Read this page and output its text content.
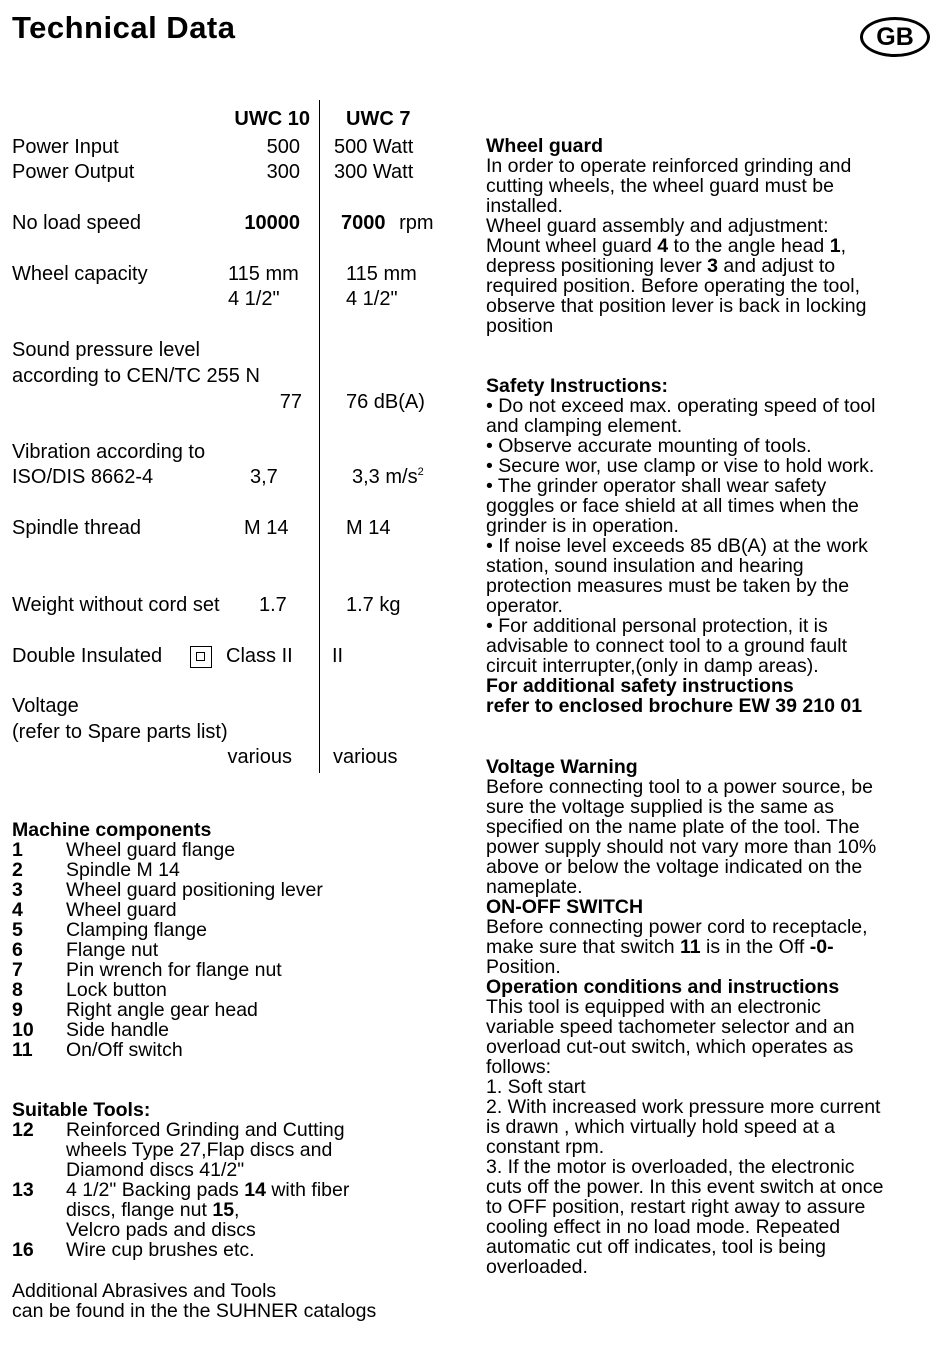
Technical Data	GB
UWC 10 UWC 7
Power Input	500 500 Watt
Power Output	300 300 Watt
No load speed	10000 7000 rpm
Wheel capacity	115 mm 115 mm
4 1/2"	4 1/2"
Sound pressure level
according to CEN/TC 255 N
77 76 dB(A)
Vibration according to
ISO/DIS 8662-4	3,7	3,3 $m/s^2$
Spindle thread	M 14	M 14
Weight without cord set 1.7	1.7 kg
Double Insulated	Class II II
Voltage
(refer to Spare parts list)
various various

Machine components

1	Wheel guard flange
2	Spindle M 14
3	Wheel guard positioning lever
4	Wheel guard
5	Clamping flange
6	Flange nut
7	Pin wrench for flange nut
8	Lock button
9	Right angle gear head
10	Side handle
11	On/Off switch

Suitable Tools:

12	Reinforced Grinding and Cutting

wheels Type 27,Flap discs and

Diamond discs 41/2"

13	4 1/2" Backing pads 14 with fiber

discs, flange nut 15,

Velcro pads and discs

16	Wire cup brushes etc.

Additional Abrasives and Tools

can be found in the the SUHNER catalogs

Wheel guard

In order to operate reinforced grinding and

cutting wheels, the wheel guard must be

installed.

Wheel guard assembly and adjustment:

Mount wheel guard 4 to the angle head 1,

depress positioning lever 3 and adjust to

required position. Before operating the tool,

observe that position lever is back in locking

position

Safety Instructions:

• Do not exceed max. operating speed of tool

and clamping element.

• Observe accurate mounting of tools.

• Secure wor, use clamp or vise to hold work.

• The grinder operator shall wear safety

goggles or face shield at all times when the

grinder is in operation.

• If noise level exceeds 85 dB(A) at the work

station, sound insulation and hearing

protection measures must be taken by the

operator.

• For additional personal protection, it is

advisable to connect tool to a ground fault

circuit interrupter,(only in damp areas).

For additional safety instructions

refer to enclosed brochure EW 39 210 01

Voltage Warning

Before connecting tool to a power source, be

sure the voltage supplied is the same as

specified on the name plate of the tool. The

power supply should not vary more than 10%

above or below the voltage indicated on the

nameplate.

ON-OFF SWITCH

Before connecting power cord to receptacle,

make sure that switch 11 is in the Off -0-

Position.

Operation conditions and instructions

This tool is equipped with an electronic

variable speed tachometer selector and an

overload cut-out switch, which operates as

follows:

1. Soft start

2. With increased work pressure more current

is drawn , which virtually hold speed at a

constant rpm.

3. If the motor is overloaded, the electronic

cuts off the power. In this event switch at once

to OFF position, restart right away to assure

cooling effect in no load mode. Repeated

automatic cut off indicates, tool is being

overloaded.
